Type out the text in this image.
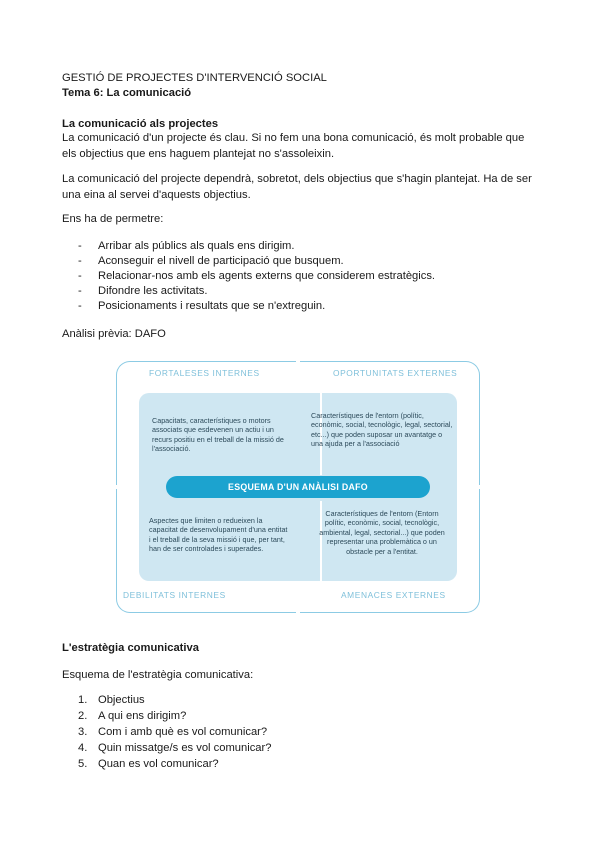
GESTIÓ DE PROJECTES D'INTERVENCIÓ SOCIAL
Tema 6: La comunicació
La comunicació als projectes
La comunicació d'un projecte és clau. Si no fem una bona comunicació, és molt probable que els objectius que ens haguem plantejat no s'assoleixin.
La comunicació del projecte dependrà, sobretot, dels objectius que s'hagin plantejat. Ha de ser una eina al servei d'aquests objectius.
Ens ha de permetre:
- Arribar als públics als quals ens dirigim.
- Aconseguir el nivell de participació que busquem.
- Relacionar-nos amb els agents externs que considerem estratègics.
- Difondre les activitats.
- Posicionaments i resultats que se n'extreguin.
Anàlisi prèvia: DAFO
FORTALESES INTERNES	OPORTUNITATS EXTERNES
DEBILITATS INTERNES	AMENACES EXTERNES
Capacitats, característiques o motors associats que esdevenen un actiu i un recurs positiu en el treball de la missió de l'associació.
Característiques de l'entorn (polític, econòmic, social, tecnològic, legal, sectorial, etc...) que poden suposar un avantatge o una ajuda per a l'associació
Aspectes que limiten o redueixen la capacitat de desenvolupament d'una entitat i el treball de la seva missió i que, per tant, han de ser controlades i superades.
Característiques de l'entorn (Entorn polític, econòmic, social, tecnològic, ambiental, legal, sectorial...) que poden representar una problemàtica o un obstacle per a l'entitat.
ESQUEMA D'UN ANÀLISI DAFO
L'estratègia comunicativa
Esquema de l'estratègia comunicativa:
1. Objectius
2. A qui ens dirigim?
3. Com i amb què es vol comunicar?
4. Quin missatge/s es vol comunicar?
5. Quan es vol comunicar?
